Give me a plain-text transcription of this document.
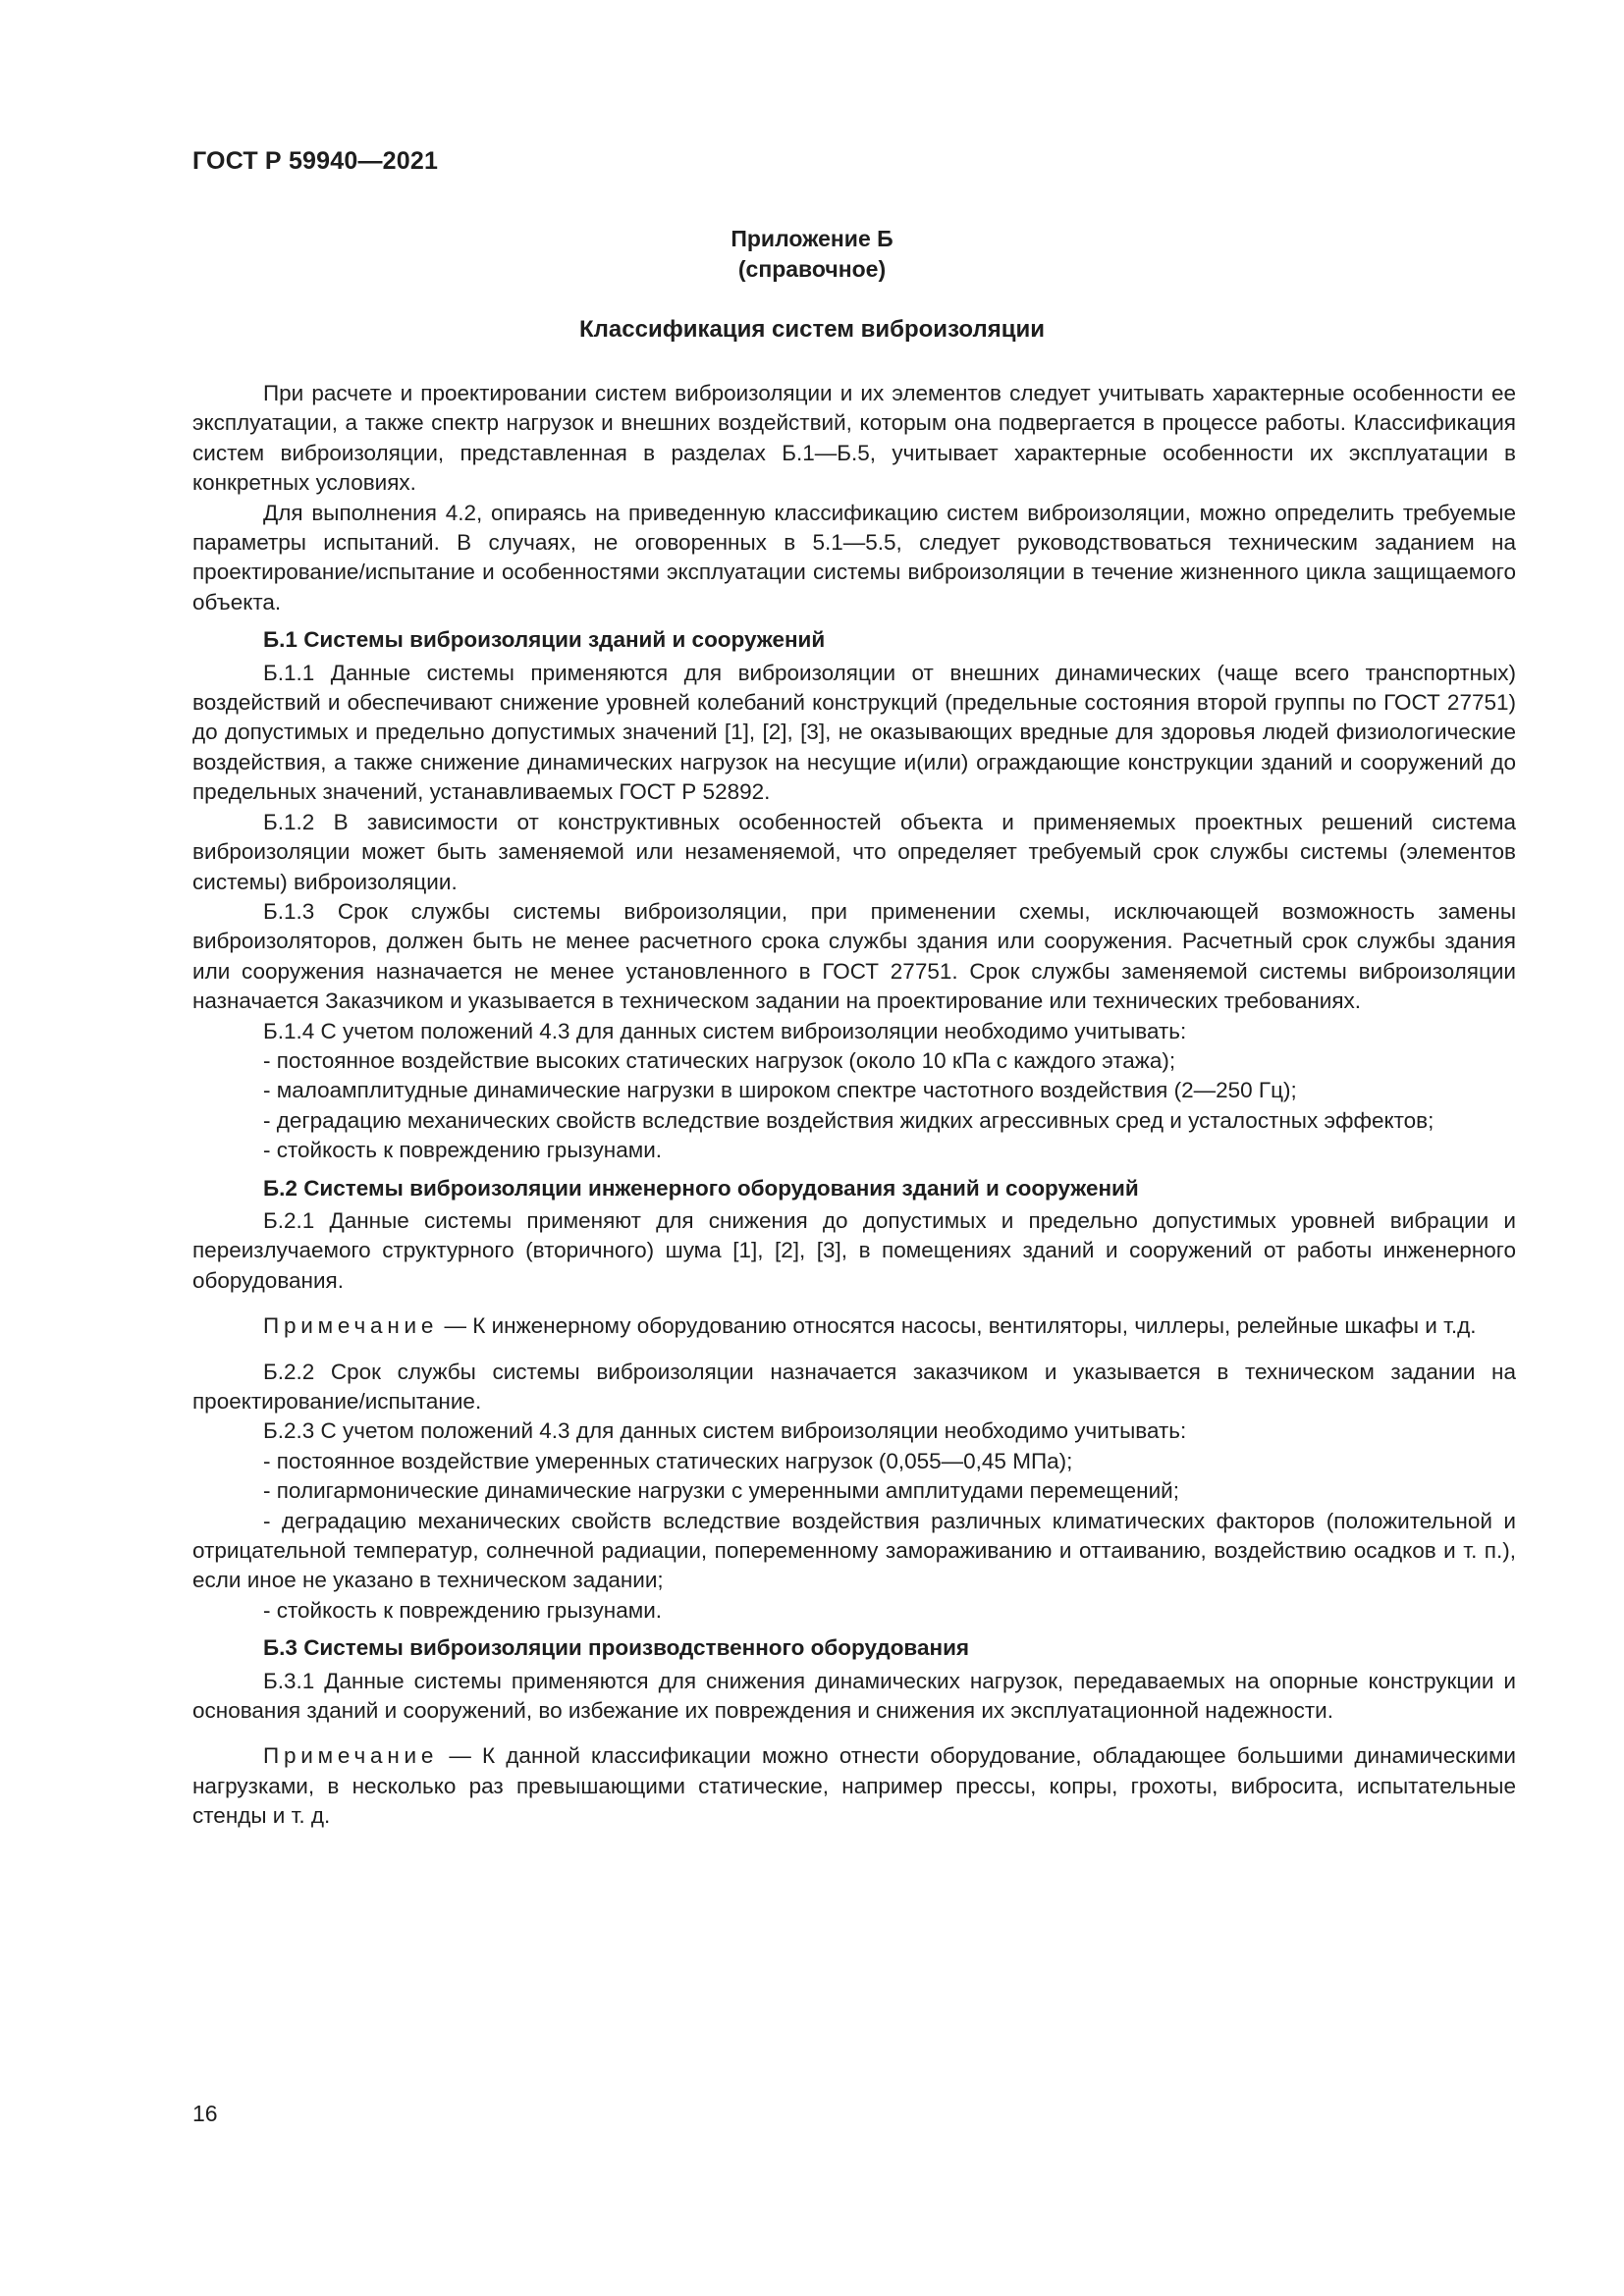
ГОСТ Р 59940—2021
Приложение Б
(справочное)
Классификация систем виброизоляции

При расчете и проектировании систем виброизоляции и их элементов следует учитывать характерные особенности ее эксплуатации, а также спектр нагрузок и внешних воздействий, которым она подвергается в процессе работы. Классификация систем виброизоляции, представленная в разделах Б.1—Б.5, учитывает характерные особенности их эксплуатации в конкретных условиях.

Для выполнения 4.2, опираясь на приведенную классификацию систем виброизоляции, можно определить требуемые параметры испытаний. В случаях, не оговоренных в 5.1—5.5, следует руководствоваться техническим заданием на проектирование/испытание и особенностями эксплуатации системы виброизоляции в течение жизненного цикла защищаемого объекта.

Б.1 Системы виброизоляции зданий и сооружений

Б.1.1 Данные системы применяются для виброизоляции от внешних динамических (чаще всего транспортных) воздействий и обеспечивают снижение уровней колебаний конструкций (предельные состояния второй группы по ГОСТ 27751) до допустимых и предельно допустимых значений [1], [2], [3], не оказывающих вредные для здоровья людей физиологические воздействия, а также снижение динамических нагрузок на несущие и(или) ограждающие конструкции зданий и сооружений до предельных значений, устанавливаемых ГОСТ Р 52892.

Б.1.2 В зависимости от конструктивных особенностей объекта и применяемых проектных решений система виброизоляции может быть заменяемой или незаменяемой, что определяет требуемый срок службы системы (элементов системы) виброизоляции.

Б.1.3 Срок службы системы виброизоляции, при применении схемы, исключающей возможность замены виброизоляторов, должен быть не менее расчетного срока службы здания или сооружения. Расчетный срок службы здания или сооружения назначается не менее установленного в ГОСТ 27751. Срок службы заменяемой системы виброизоляции назначается Заказчиком и указывается в техническом задании на проектирование или технических требованиях.

Б.1.4 С учетом положений 4.3 для данных систем виброизоляции необходимо учитывать:

- постоянное воздействие высоких статических нагрузок (около 10 кПа с каждого этажа);

- малоамплитудные динамические нагрузки в широком спектре частотного воздействия (2—250 Гц);

- деградацию механических свойств вследствие воздействия жидких агрессивных сред и усталостных эффектов;

- стойкость к повреждению грызунами.

Б.2 Системы виброизоляции инженерного оборудования зданий и сооружений

Б.2.1 Данные системы применяют для снижения до допустимых и предельно допустимых уровней вибрации и переизлучаемого структурного (вторичного) шума [1], [2], [3], в помещениях зданий и сооружений от работы инженерного оборудования.

Примечание — К инженерному оборудованию относятся насосы, вентиляторы, чиллеры, релейные шкафы и т.д.

Б.2.2 Срок службы системы виброизоляции назначается заказчиком и указывается в техническом задании на проектирование/испытание.

Б.2.3 С учетом положений 4.3 для данных систем виброизоляции необходимо учитывать:

- постоянное воздействие умеренных статических нагрузок (0,055—0,45 МПа);

- полигармонические динамические нагрузки с умеренными амплитудами перемещений;

- деградацию механических свойств вследствие воздействия различных климатических факторов (положительной и отрицательной температур, солнечной радиации, попеременному замораживанию и оттаиванию, воздействию осадков и т. п.), если иное не указано в техническом задании;

- стойкость к повреждению грызунами.

Б.3 Системы виброизоляции производственного оборудования

Б.3.1 Данные системы применяются для снижения динамических нагрузок, передаваемых на опорные конструкции и основания зданий и сооружений, во избежание их повреждения и снижения их эксплуатационной надежности.

Примечание — К данной классификации можно отнести оборудование, обладающее большими динамическими нагрузками, в несколько раз превышающими статические, например прессы, копры, грохоты, вибросита, испытательные стенды и т. д.

16
